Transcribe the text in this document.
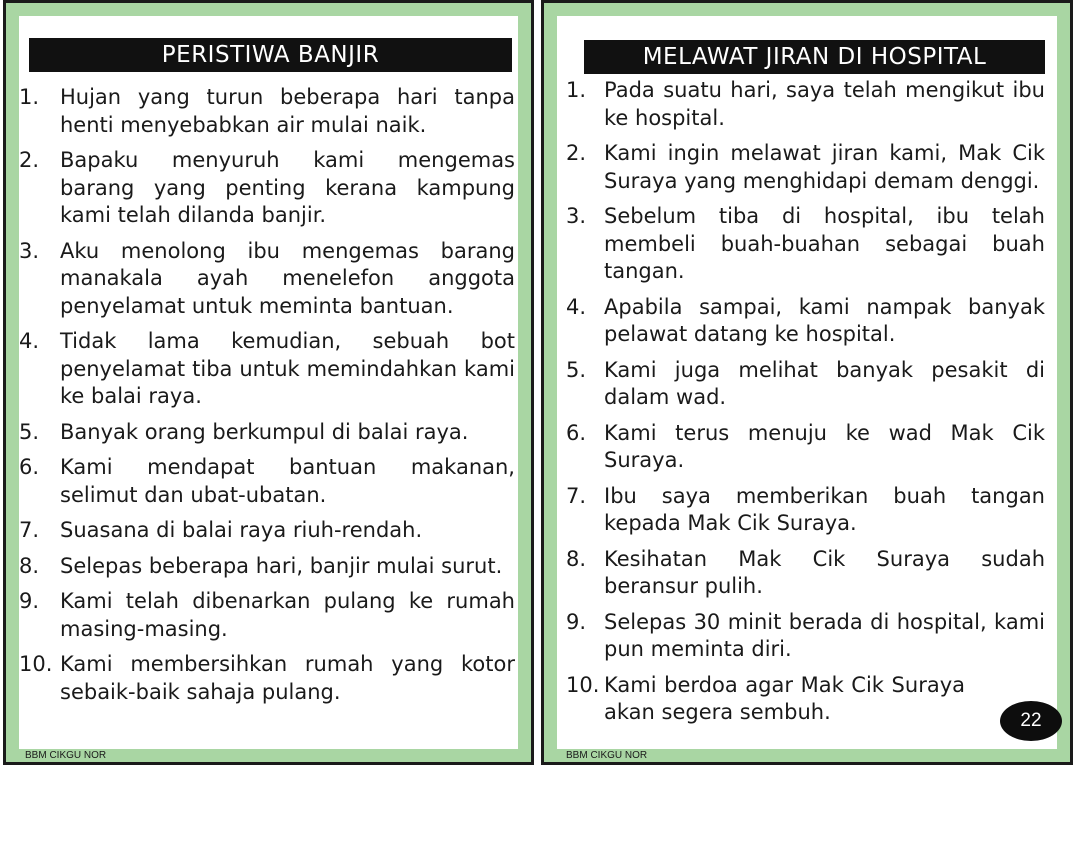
PERISTIWA BANJIR
1. Hujan yang turun beberapa hari tanpa henti menyebabkan air mulai naik.
2. Bapaku menyuruh kami mengemas barang yang penting kerana kampung kami telah dilanda banjir.
3. Aku menolong ibu mengemas barang manakala ayah menelefon anggota penyelamat untuk meminta bantuan.
4. Tidak lama kemudian, sebuah bot penyelamat tiba untuk memindahkan kami ke balai raya.
5. Banyak orang berkumpul di balai raya.
6. Kami mendapat bantuan makanan, selimut dan ubat-ubatan.
7. Suasana di balai raya riuh-rendah.
8. Selepas beberapa hari, banjir mulai surut.
9. Kami telah dibenarkan pulang ke rumah masing-masing.
10. Kami membersihkan rumah yang kotor sebaik-baik sahaja pulang.
BBM CIKGU NOR
MELAWAT JIRAN DI HOSPITAL
1. Pada suatu hari, saya telah mengikut ibu ke hospital.
2. Kami ingin melawat jiran kami, Mak Cik Suraya yang menghidapi demam denggi.
3. Sebelum tiba di hospital, ibu telah membeli buah-buahan sebagai buah tangan.
4. Apabila sampai, kami nampak banyak pelawat datang ke hospital.
5. Kami juga melihat banyak pesakit di dalam wad.
6. Kami terus menuju ke wad Mak Cik Suraya.
7. Ibu saya memberikan buah tangan kepada Mak Cik Suraya.
8. Kesihatan Mak Cik Suraya sudah beransur pulih.
9. Selepas 30 minit berada di hospital, kami pun meminta diri.
10. Kami berdoa agar Mak Cik Suraya akan segera sembuh.	22
BBM CIKGU NOR
